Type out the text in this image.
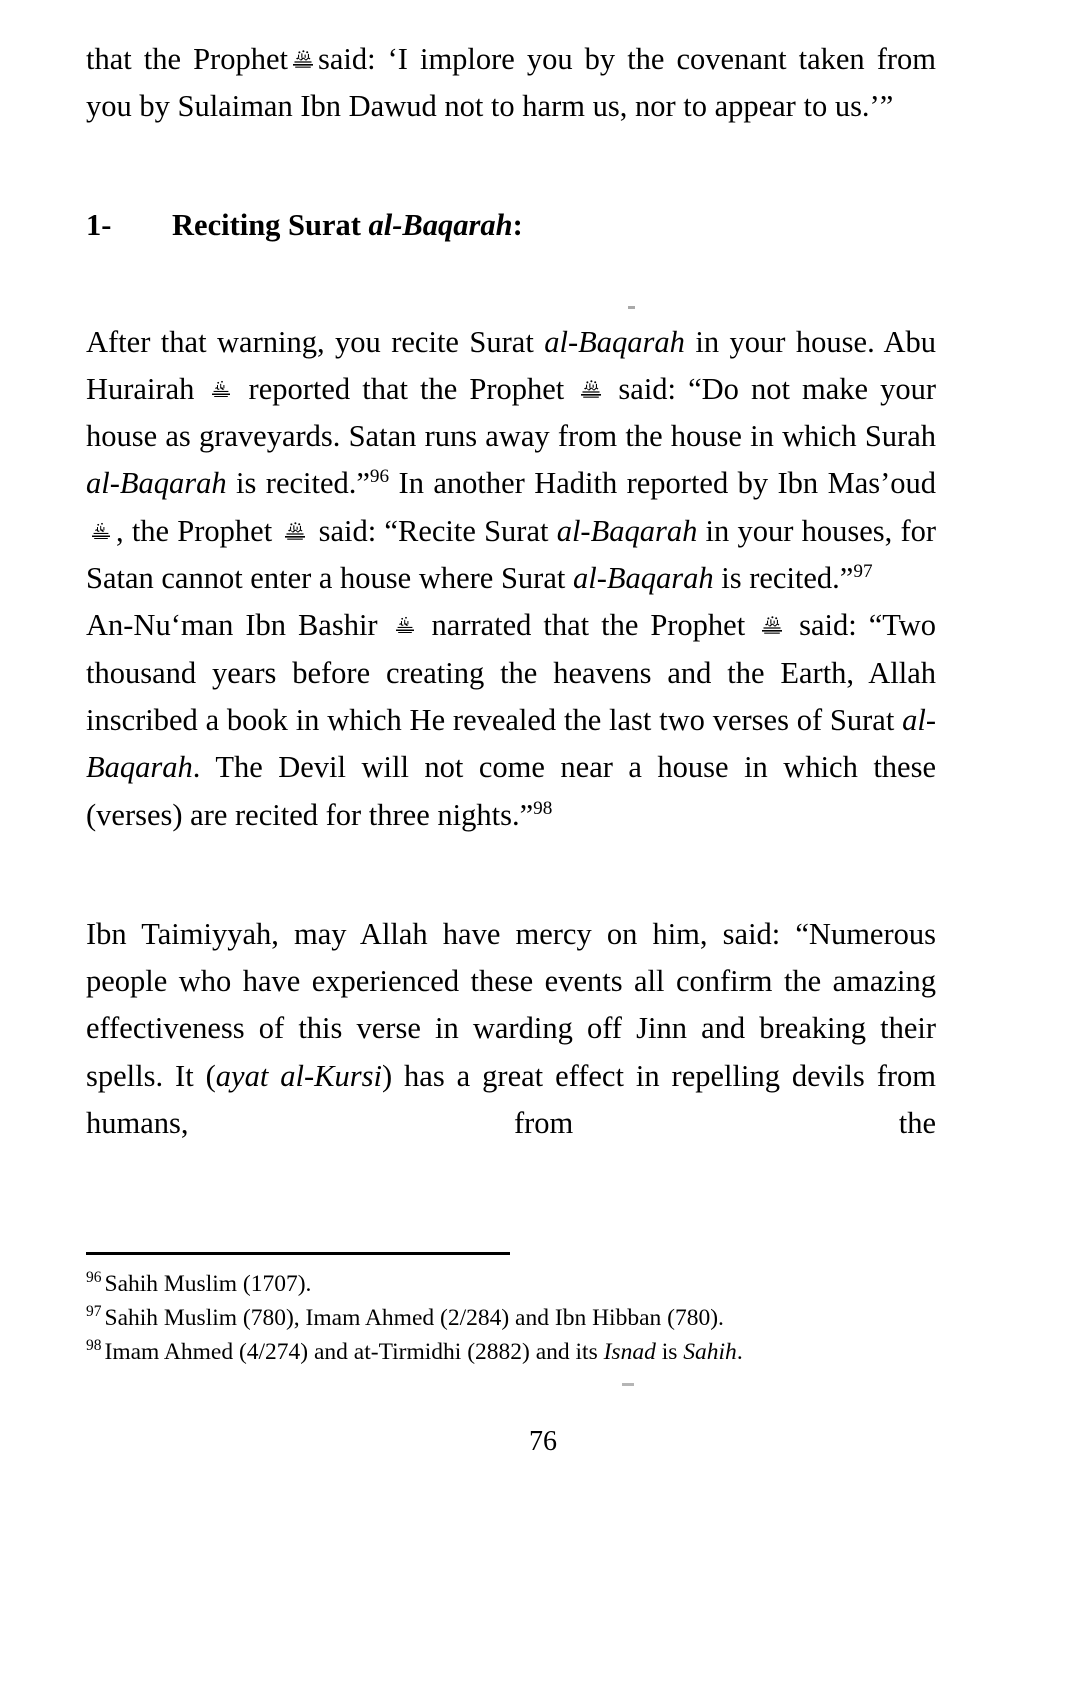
that the Prophet said: ‘I implore you by the covenant taken from you by Sulaiman Ibn Dawud not to harm us, nor to appear to us.’”

1- Reciting Surat al-Baqarah:

After that warning, you recite Surat al-Baqarah in your house. Abu Hurairah reported that the Prophet said: “Do not make your house as graveyards. Satan runs away from the house in which Surah al-Baqarah is recited.”$^{96}$ In another Hadith reported by Ibn Mas’oud
, the Prophet said: “Recite Surat al-Baqarah in your houses, for Satan cannot enter a house where Surat al-Baqarah is recited.”$^{97}$

An-Nu‘man Ibn Bashir narrated that the Prophet said: “Two thousand years before creating the heavens and the Earth, Allah inscribed a book in which He revealed the last two verses of Surat al-Baqarah. The Devil will not come near a house in which these (verses) are recited for three nights.”$^{98}$

Ibn Taimiyyah, may Allah have mercy on him, said: “Numerous people who have experienced these events all confirm the amazing effectiveness of this verse in warding off Jinn and breaking their spells. It (ayat al-Kursi) has a great effect in repelling devils from humans, from the

$^{96}$ Sahih Muslim (1707).

$^{97}$ Sahih Muslim (780), Imam Ahmed (2/284) and Ibn Hibban (780).

$^{98}$ Imam Ahmed (4/274) and at-Tirmidhi (2882) and its Isnad is Sahih.

76
